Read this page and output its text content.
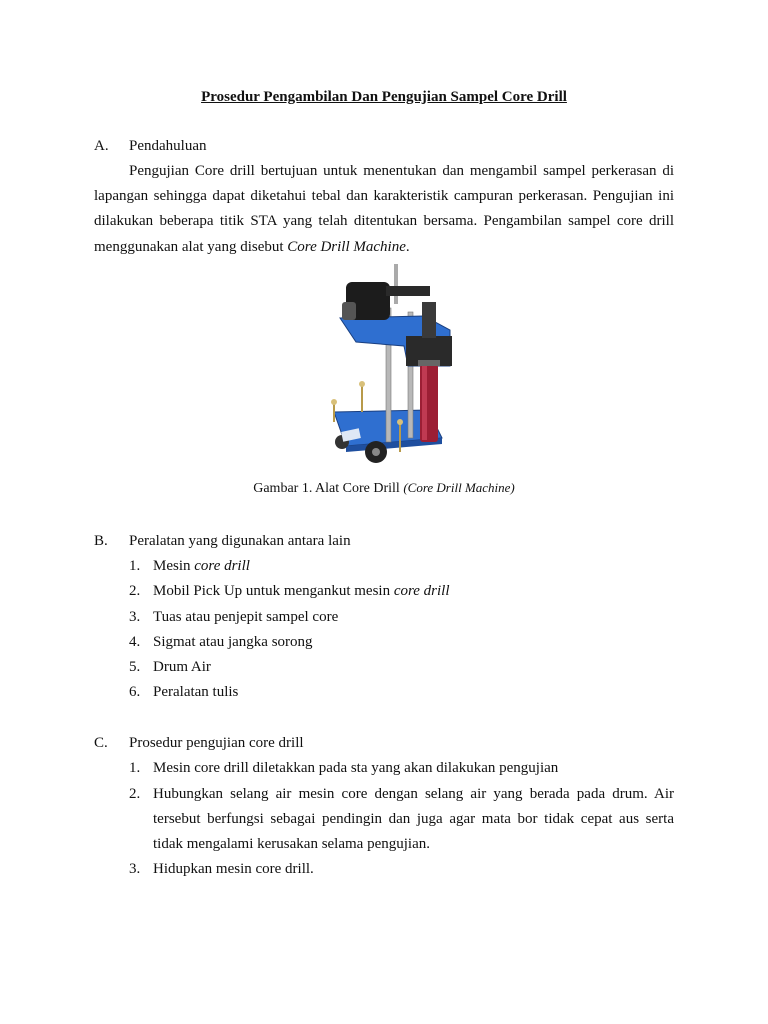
Prosedur Pengambilan Dan Pengujian Sampel Core Drill
A. Pendahuluan
Pengujian Core drill bertujuan untuk menentukan dan mengambil sampel perkerasan di
lapangan sehingga dapat diketahui tebal dan karakteristik campuran perkerasan. Pengujian ini
dilakukan beberapa titik STA yang telah ditentukan bersama. Pengambilan sampel core drill
menggunakan alat yang disebut Core Drill Machine.
Gambar 1. Alat Core Drill (Core Drill Machine)
B. Peralatan yang digunakan antara lain
1. Mesin core drill
2. Mobil Pick Up untuk mengankut mesin core drill
3. Tuas atau penjepit sampel core
4. Sigmat atau jangka sorong
5. Drum Air
6. Peralatan tulis
C. Prosedur pengujian core drill
1. Mesin core drill diletakkan pada sta yang akan dilakukan pengujian
2. Hubungkan selang air mesin core dengan selang air yang berada pada drum. Air
tersebut berfungsi sebagai pendingin dan juga agar mata bor tidak cepat aus serta
tidak mengalami kerusakan selama pengujian.
3. Hidupkan mesin core drill.
